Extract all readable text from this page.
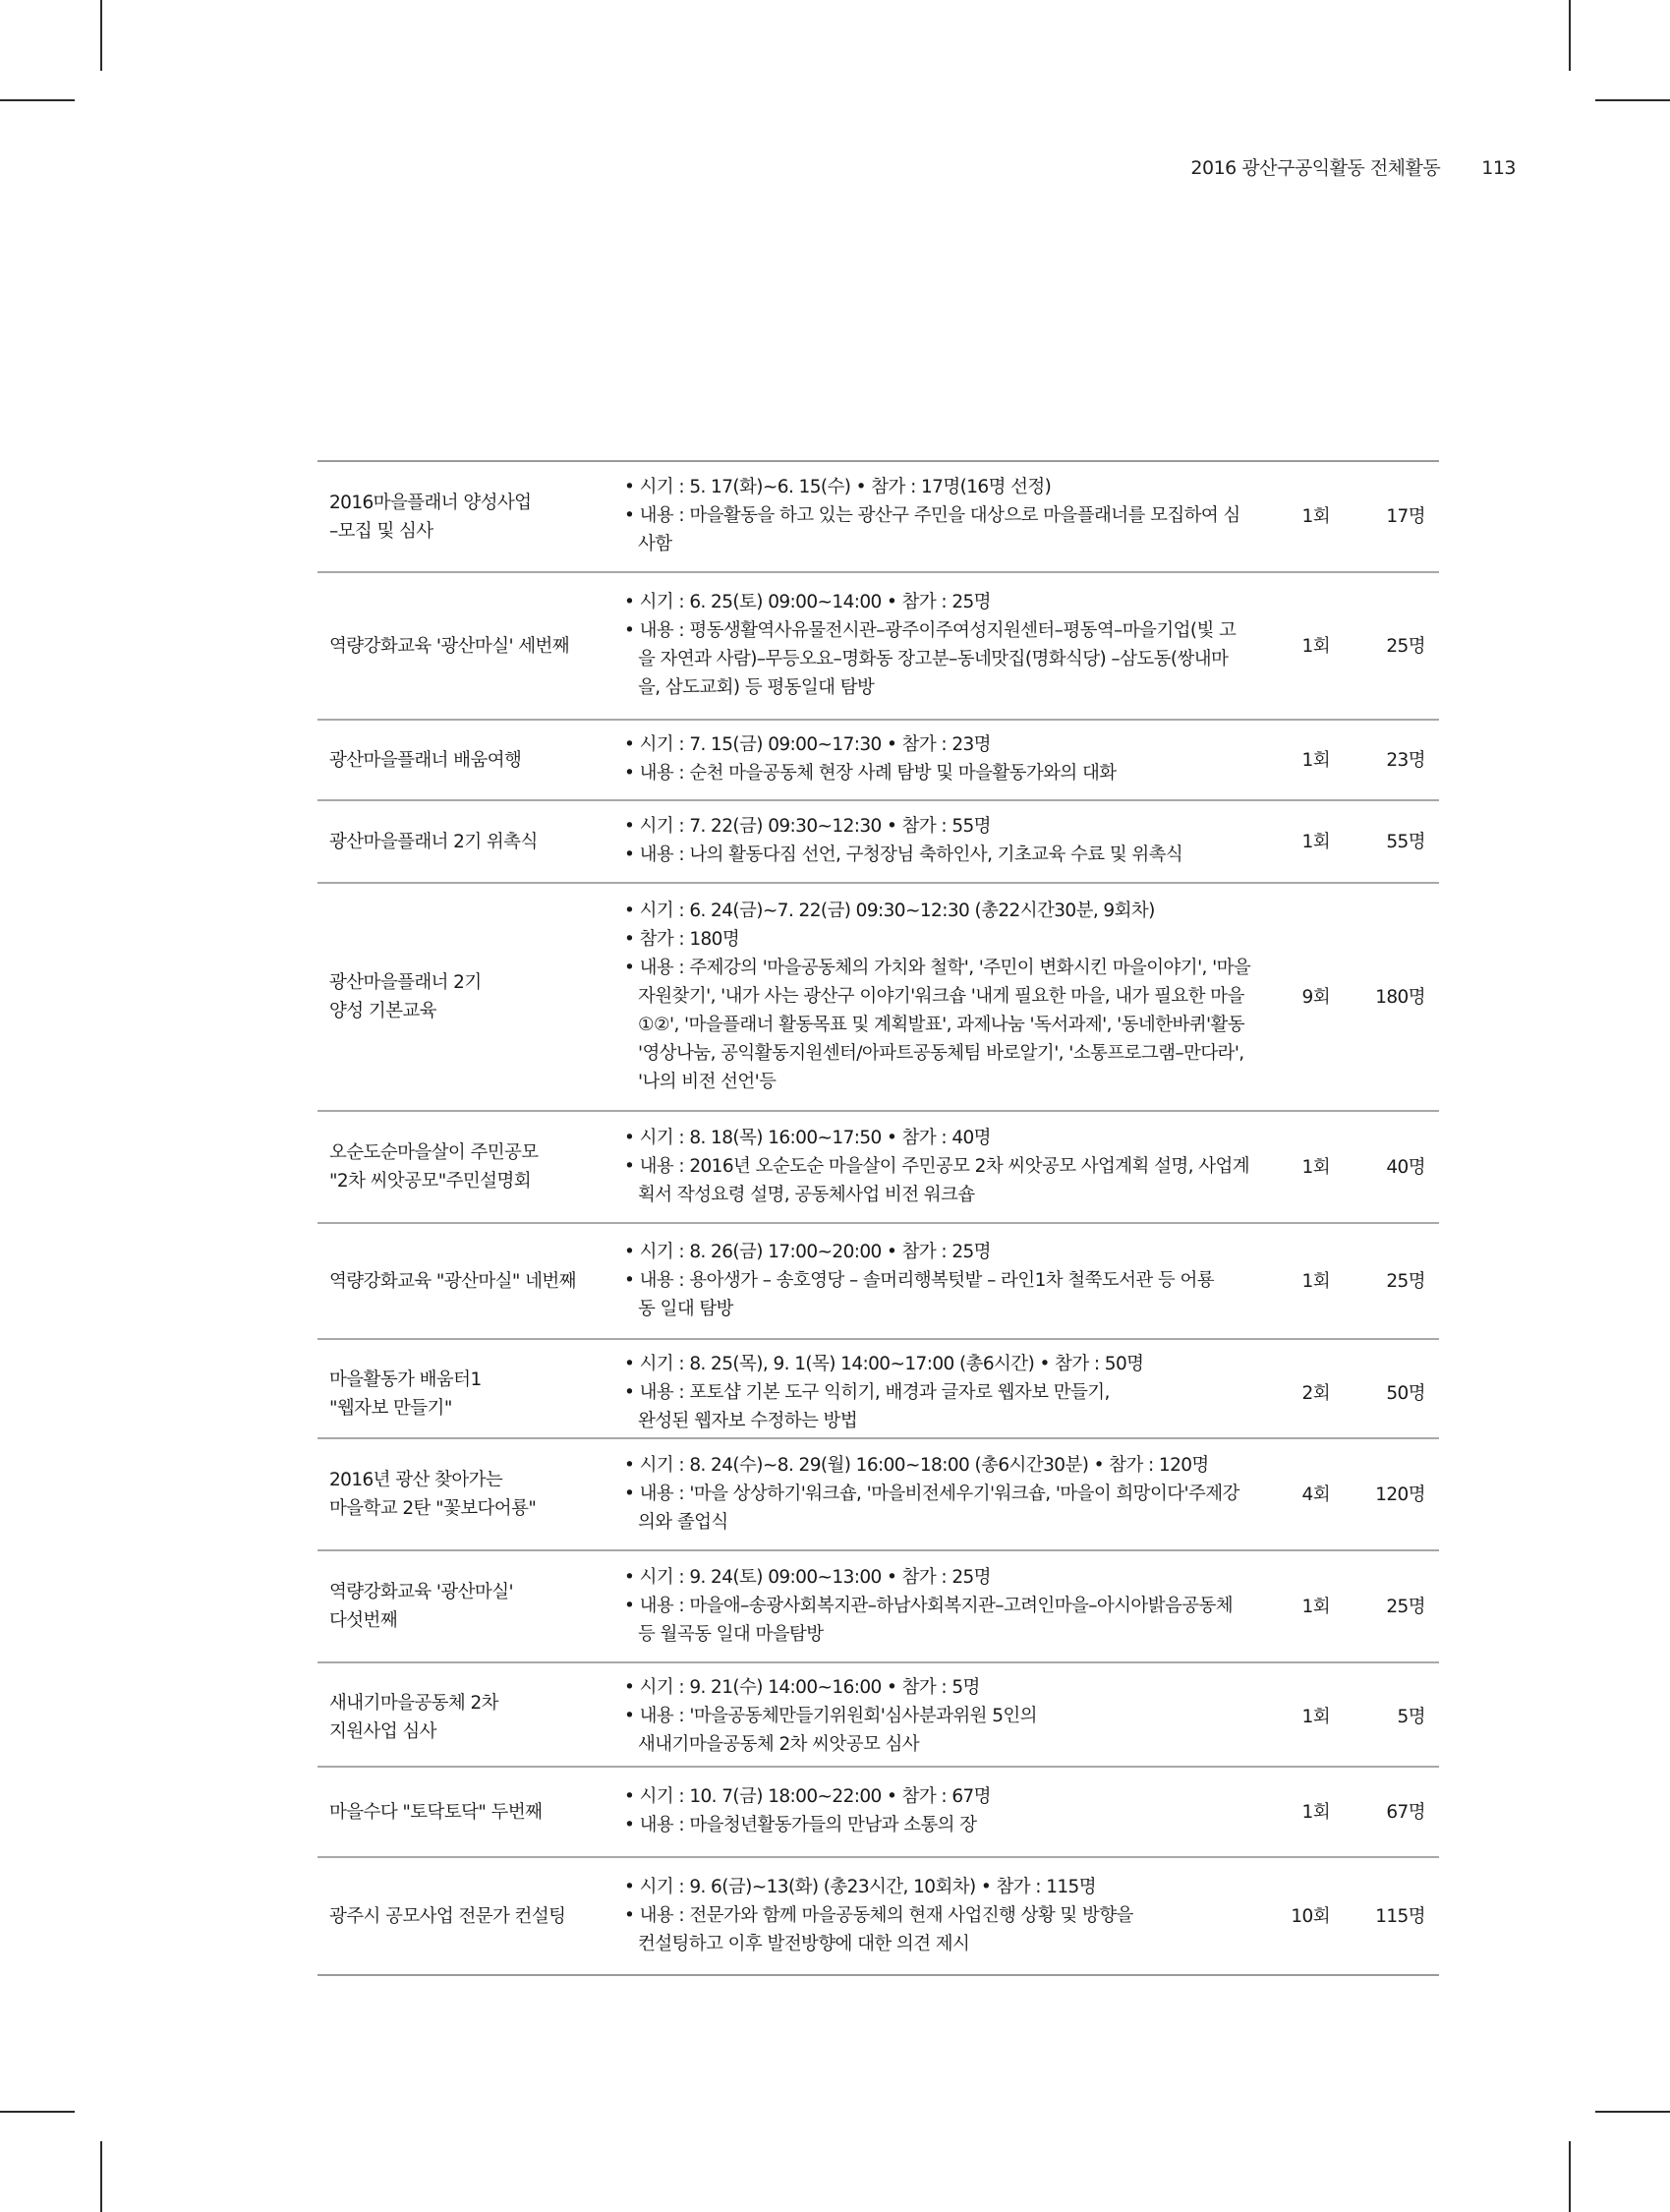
2016 광산구공익활동 전체활동 113
2016마을플래너 양성사업
–모집 및 심사
• 시기 : 5. 17(화)~6. 15(수) • 참가 : 17명(16명 선정)
• 내용 : 마을활동을 하고 있는 광산구 주민을 대상으로 마을플래너를 모집하여 심
사함
1회	17명
역량강화교육 '광산마실' 세번째
• 시기 : 6. 25(토) 09:00~14:00 • 참가 : 25명
• 내용 : 평동생활역사유물전시관–광주이주여성지원센터–평동역–마을기업(빛 고
을 자연과 사람)–무등오요–명화동 장고분–동네맛집(명화식당) –삼도동(쌍내마
을, 삼도교회) 등 평동일대 탐방
1회	25명
광산마을플래너 배움여행
• 시기 : 7. 15(금) 09:00~17:30 • 참가 : 23명
• 내용 : 순천 마을공동체 현장 사례 탐방 및 마을활동가와의 대화
1회	23명
광산마을플래너 2기 위촉식
• 시기 : 7. 22(금) 09:30~12:30 • 참가 : 55명
• 내용 : 나의 활동다짐 선언, 구청장님 축하인사, 기초교육 수료 및 위촉식
1회	55명
광산마을플래너 2기
양성 기본교육
• 시기 : 6. 24(금)~7. 22(금) 09:30~12:30 (총22시간30분, 9회차)
• 참가 : 180명
• 내용 : 주제강의 '마을공동체의 가치와 철학', '주민이 변화시킨 마을이야기', '마을
자원찾기', '내가 사는 광산구 이야기'워크숍 '내게 필요한 마을, 내가 필요한 마을
①②', '마을플래너 활동목표 및 계획발표', 과제나눔 '독서과제', '동네한바퀴'활동
'영상나눔, 공익활동지원센터/아파트공동체팀 바로알기', '소통프로그램–만다라',
'나의 비전 선언'등
9회	180명
오순도순마을살이 주민공모
"2차 씨앗공모"주민설명회
• 시기 : 8. 18(목) 16:00~17:50 • 참가 : 40명
• 내용 : 2016년 오순도순 마을살이 주민공모 2차 씨앗공모 사업계획 설명, 사업계
획서 작성요령 설명, 공동체사업 비전 워크숍
1회	40명
역량강화교육 "광산마실" 네번째
• 시기 : 8. 26(금) 17:00~20:00 • 참가 : 25명
• 내용 : 용아생가 – 송호영당 – 솔머리행복텃밭 – 라인1차 철쭉도서관 등 어룡
동 일대 탐방
1회	25명
마을활동가 배움터1
"웹자보 만들기"
• 시기 : 8. 25(목), 9. 1(목) 14:00~17:00 (총6시간) • 참가 : 50명
• 내용 : 포토샵 기본 도구 익히기, 배경과 글자로 웹자보 만들기,
완성된 웹자보 수정하는 방법
2회	50명
2016년 광산 찾아가는
마을학교 2탄 "꽃보다어룡"
• 시기 : 8. 24(수)~8. 29(월) 16:00~18:00 (총6시간30분) • 참가 : 120명
• 내용 : '마을 상상하기'워크숍, '마을비전세우기'워크숍, '마을이 희망이다'주제강
의와 졸업식
4회	120명
역량강화교육 '광산마실'
다섯번째
• 시기 : 9. 24(토) 09:00~13:00 • 참가 : 25명
• 내용 : 마을애–송광사회복지관–하남사회복지관–고려인마을–아시아밝음공동체
등 월곡동 일대 마을탐방
1회	25명
새내기마을공동체 2차
지원사업 심사
• 시기 : 9. 21(수) 14:00~16:00 • 참가 : 5명
• 내용 : '마을공동체만들기위원회'심사분과위원 5인의
새내기마을공동체 2차 씨앗공모 심사
1회	5명
마을수다 "토닥토닥" 두번째
• 시기 : 10. 7(금) 18:00~22:00 • 참가 : 67명
• 내용 : 마을청년활동가들의 만남과 소통의 장
1회	67명
광주시 공모사업 전문가 컨설팅
• 시기 : 9. 6(금)~13(화) (총23시간, 10회차) • 참가 : 115명
• 내용 : 전문가와 함께 마을공동체의 현재 사업진행 상황 및 방향을
컨설팅하고 이후 발전방향에 대한 의견 제시
10회	115명
